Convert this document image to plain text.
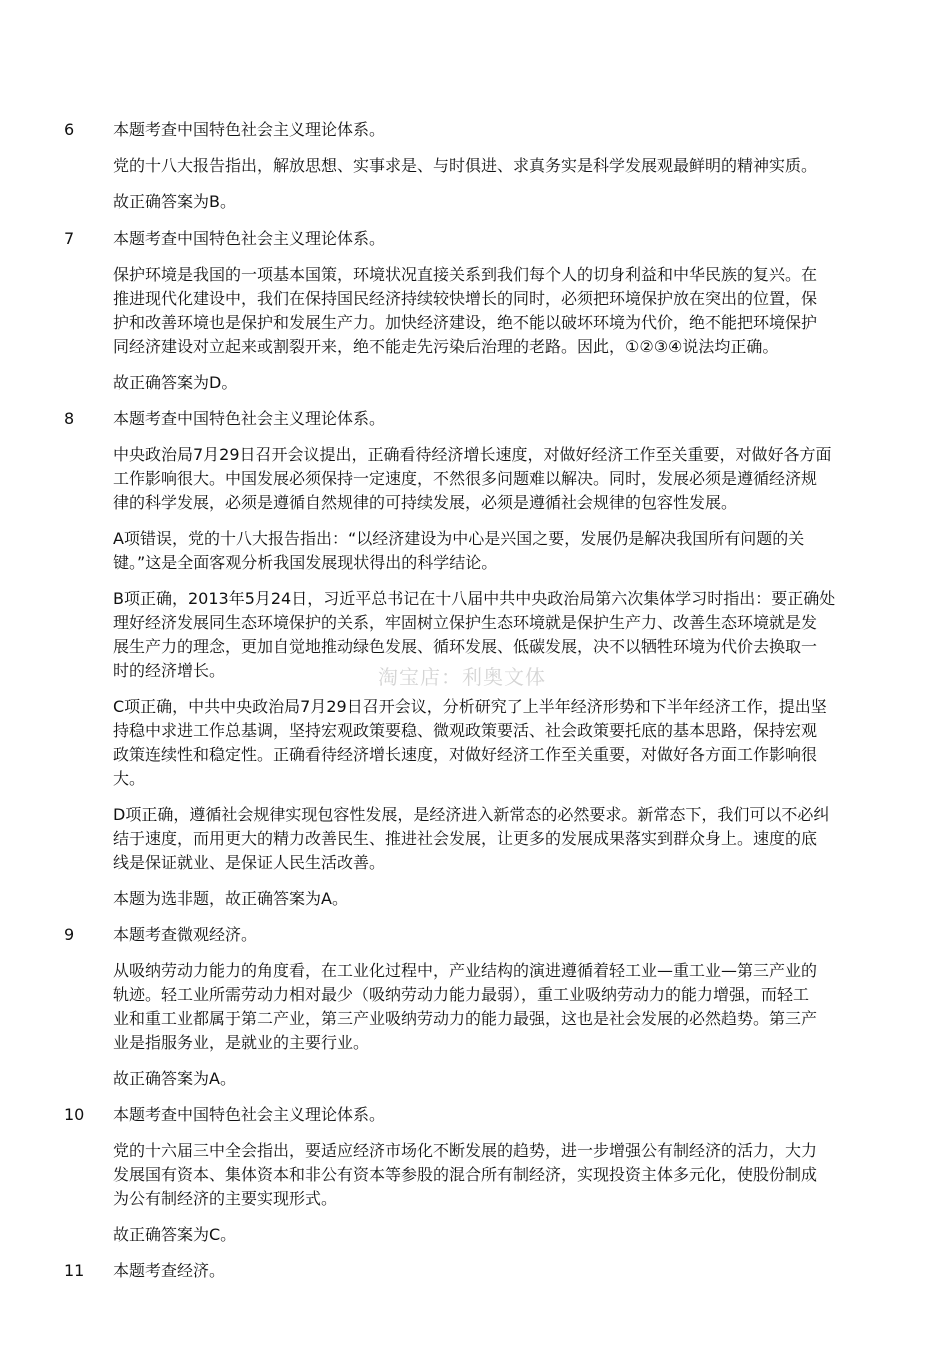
淘宝店：利奥文体
6	本题考查中国特色社会主义理论体系。
党的十八大报告指出，解放思想、实事求是、与时俱进、求真务实是科学发展观最鲜明的精神实质。
故正确答案为B。
7	本题考查中国特色社会主义理论体系。
保护环境是我国的一项基本国策，环境状况直接关系到我们每个人的切身利益和中华民族的复兴。在
推进现代化建设中，我们在保持国民经济持续较快增长的同时，必须把环境保护放在突出的位置，保
护和改善环境也是保护和发展生产力。加快经济建设，绝不能以破坏环境为代价，绝不能把环境保护
同经济建设对立起来或割裂开来，绝不能走先污染后治理的老路。因此，①②③④说法均正确。
故正确答案为D。
8	本题考查中国特色社会主义理论体系。
中央政治局7月29日召开会议提出，正确看待经济增长速度，对做好经济工作至关重要，对做好各方面
工作影响很大。中国发展必须保持一定速度，不然很多问题难以解决。同时，发展必须是遵循经济规
律的科学发展，必须是遵循自然规律的可持续发展，必须是遵循社会规律的包容性发展。
A项错误，党的十八大报告指出：“以经济建设为中心是兴国之要，发展仍是解决我国所有问题的关
键。”这是全面客观分析我国发展现状得出的科学结论。
B项正确，2013年5月24日，习近平总书记在十八届中共中央政治局第六次集体学习时指出：要正确处
理好经济发展同生态环境保护的关系，牢固树立保护生态环境就是保护生产力、改善生态环境就是发
展生产力的理念，更加自觉地推动绿色发展、循环发展、低碳发展，决不以牺牲环境为代价去换取一
时的经济增长。
C项正确，中共中央政治局7月29日召开会议，分析研究了上半年经济形势和下半年经济工作，提出坚
持稳中求进工作总基调，坚持宏观政策要稳、微观政策要活、社会政策要托底的基本思路，保持宏观
政策连续性和稳定性。正确看待经济增长速度，对做好经济工作至关重要，对做好各方面工作影响很
大。
D项正确，遵循社会规律实现包容性发展，是经济进入新常态的必然要求。新常态下，我们可以不必纠
结于速度，而用更大的精力改善民生、推进社会发展，让更多的发展成果落实到群众身上。速度的底
线是保证就业、是保证人民生活改善。
本题为选非题，故正确答案为A。
9	本题考查微观经济。
从吸纳劳动力能力的角度看，在工业化过程中，产业结构的演进遵循着轻工业—重工业—第三产业的
轨迹。轻工业所需劳动力相对最少（吸纳劳动力能力最弱），重工业吸纳劳动力的能力增强，而轻工
业和重工业都属于第二产业，第三产业吸纳劳动力的能力最强，这也是社会发展的必然趋势。第三产
业是指服务业，是就业的主要行业。
故正确答案为A。
10	本题考查中国特色社会主义理论体系。
党的十六届三中全会指出，要适应经济市场化不断发展的趋势，进一步增强公有制经济的活力，大力
发展国有资本、集体资本和非公有资本等参股的混合所有制经济，实现投资主体多元化，使股份制成
为公有制经济的主要实现形式。
故正确答案为C。
11	本题考查经济。
